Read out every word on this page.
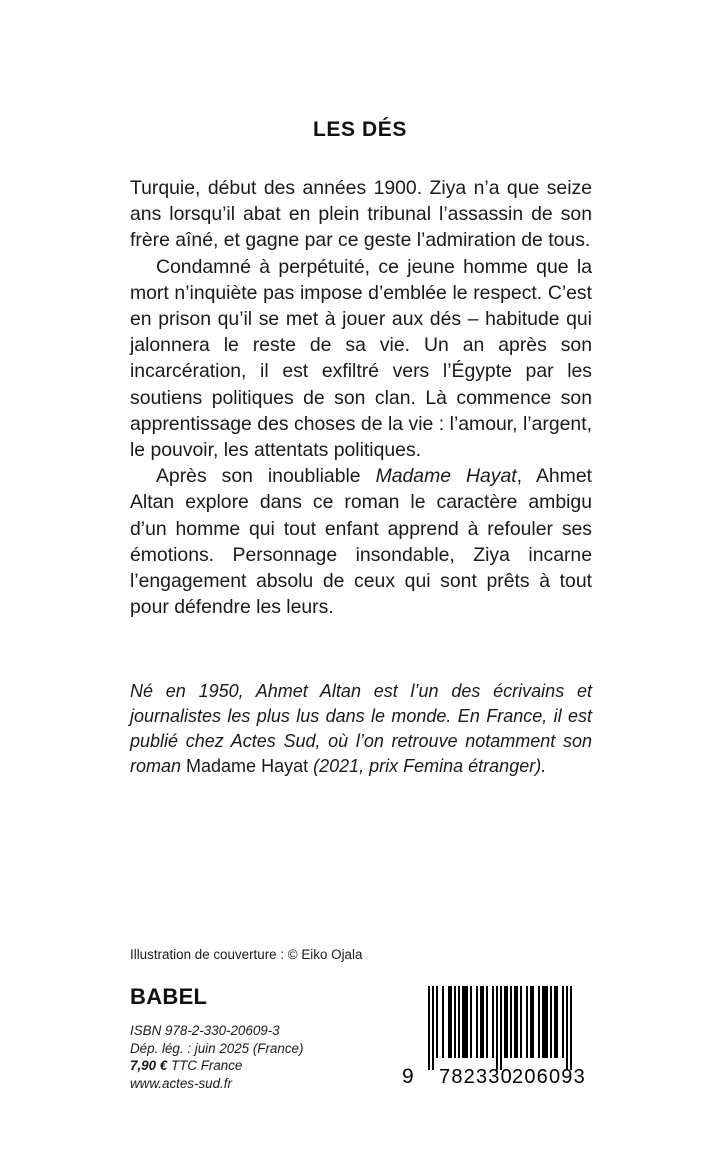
LES DÉS

Turquie, début des années 1900. Ziya n’a que seize ans lorsqu’il abat en plein tribunal l’assassin de son frère aîné, et gagne par ce geste l’admiration de tous.

Condamné à perpétuité, ce jeune homme que la mort n’inquiète pas impose d’emblée le respect. C’est en prison qu’il se met à jouer aux dés – habitude qui jalonnera le reste de sa vie. Un an après son incarcération, il est exfiltré vers l’Égypte par les soutiens politiques de son clan. Là commence son apprentissage des choses de la vie : l’amour, l’argent, le pouvoir, les attentats politiques.

Après son inoubliable Madame Hayat, Ahmet Altan explore dans ce roman le caractère ambigu d’un homme qui tout enfant apprend à refouler ses émotions. Personnage insondable, Ziya incarne l’engagement absolu de ceux qui sont prêts à tout pour défendre les leurs.

Né en 1950, Ahmet Altan est l’un des écrivains et journalistes les plus lus dans le monde. En France, il est publié chez Actes Sud, où l’on retrouve notamment son roman Madame Hayat (2021, prix Femina étranger).
Illustration de couverture : © Eiko Ojala
BABEL
ISBN 978-2-330-20609-3
Dép. lég. : juin 2025 (France)
7,90 € TTC France
www.actes-sud.fr	9 782330 206093
